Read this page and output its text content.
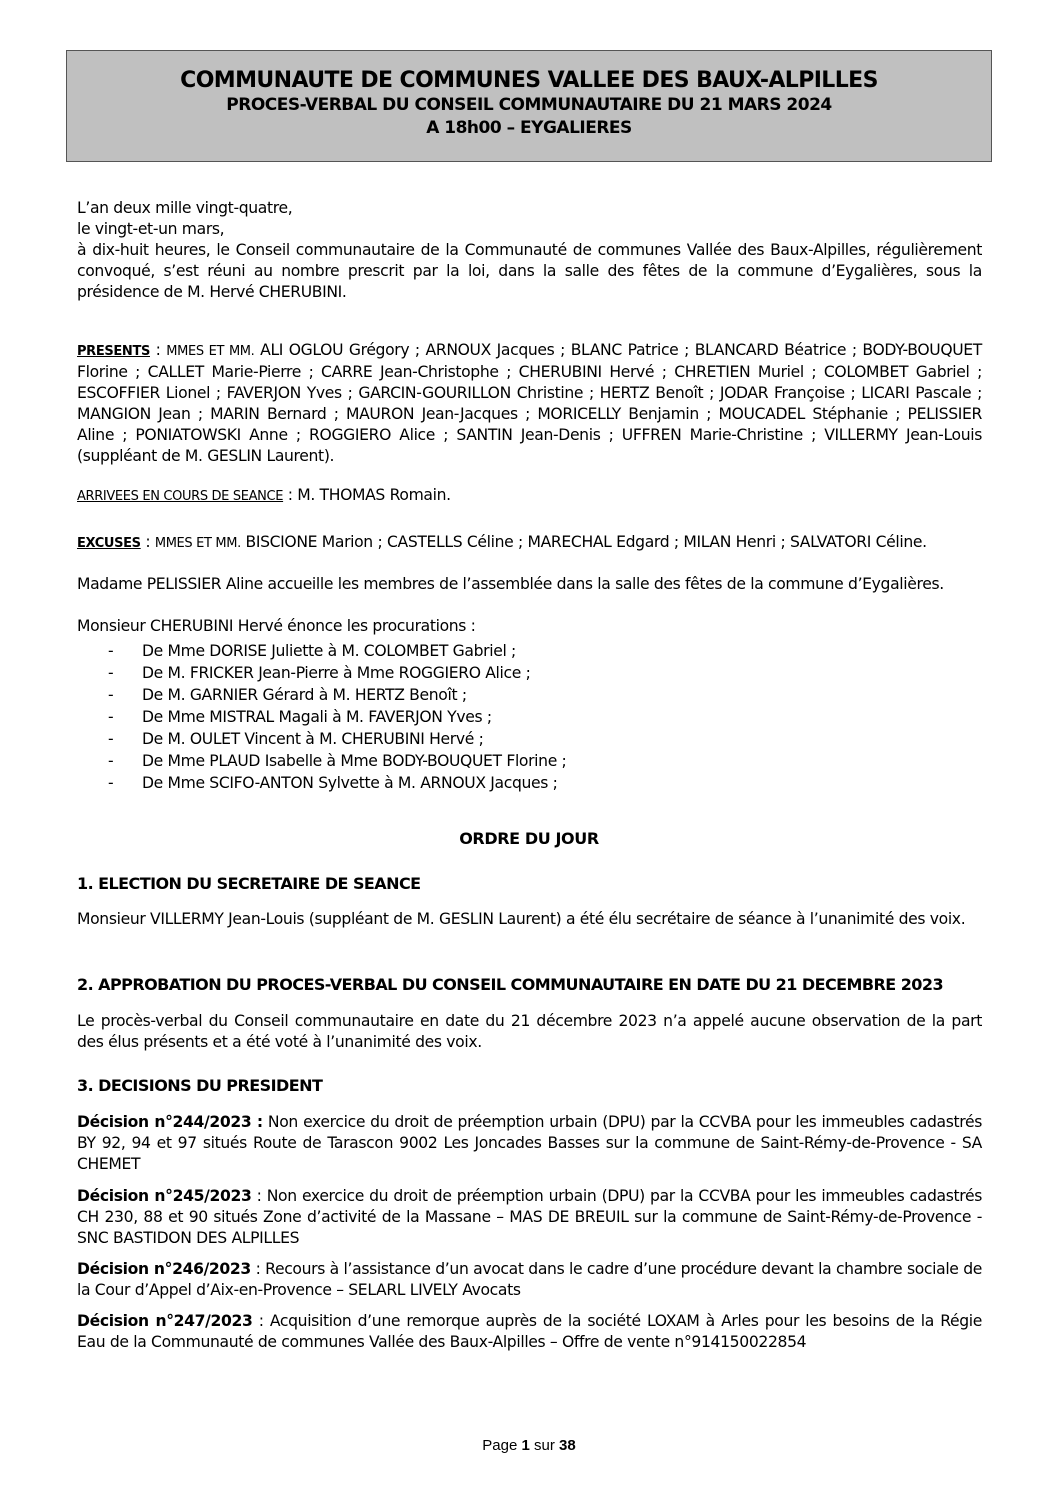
COMMUNAUTE DE COMMUNES VALLEE DES BAUX-ALPILLES
PROCES-VERBAL DU CONSEIL COMMUNAUTAIRE DU 21 MARS 2024
A 18h00 – EYGALIERES
L’an deux mille vingt-quatre,
le vingt-et-un mars,
à dix-huit heures, le Conseil communautaire de la Communauté de communes Vallée des Baux-Alpilles, régulièrement convoqué, s’est réuni au nombre prescrit par la loi, dans la salle des fêtes de la commune d’Eygalières, sous la présidence de M. Hervé CHERUBINI.
PRESENTS : MMES ET MM. ALI OGLOU Grégory ; ARNOUX Jacques ; BLANC Patrice ; BLANCARD Béatrice ; BODY-BOUQUET Florine ; CALLET Marie-Pierre ; CARRE Jean-Christophe ; CHERUBINI Hervé ; CHRETIEN Muriel ; COLOMBET Gabriel ; ESCOFFIER Lionel ; FAVERJON Yves ; GARCIN-GOURILLON Christine ; HERTZ Benoît ; JODAR Françoise ; LICARI Pascale ; MANGION Jean ; MARIN Bernard ; MAURON Jean-Jacques ; MORICELLY Benjamin ; MOUCADEL Stéphanie ; PELISSIER Aline ; PONIATOWSKI Anne ; ROGGIERO Alice ; SANTIN Jean-Denis ; UFFREN Marie-Christine ; VILLERMY Jean-Louis (suppléant de M. GESLIN Laurent).
ARRIVEES EN COURS DE SEANCE : M. THOMAS Romain.
EXCUSES : MMES ET MM. BISCIONE Marion ; CASTELLS Céline ; MARECHAL Edgard ; MILAN Henri ; SALVATORI Céline.
Madame PELISSIER Aline accueille les membres de l’assemblée dans la salle des fêtes de la commune d’Eygalières.
Monsieur CHERUBINI Hervé énonce les procurations :
- De Mme DORISE Juliette à M. COLOMBET Gabriel ;
- De M. FRICKER Jean-Pierre à Mme ROGGIERO Alice ;
- De M. GARNIER Gérard à M. HERTZ Benoît ;
- De Mme MISTRAL Magali à M. FAVERJON Yves ;
- De M. OULET Vincent à M. CHERUBINI Hervé ;
- De Mme PLAUD Isabelle à Mme BODY-BOUQUET Florine ;
- De Mme SCIFO-ANTON Sylvette à M. ARNOUX Jacques ;
ORDRE DU JOUR
1. ELECTION DU SECRETAIRE DE SEANCE
Monsieur VILLERMY Jean-Louis (suppléant de M. GESLIN Laurent) a été élu secrétaire de séance à l’unanimité des voix.
2. APPROBATION DU PROCES-VERBAL DU CONSEIL COMMUNAUTAIRE EN DATE DU 21 DECEMBRE 2023
Le procès-verbal du Conseil communautaire en date du 21 décembre 2023 n’a appelé aucune observation de la part des élus présents et a été voté à l’unanimité des voix.
3. DECISIONS DU PRESIDENT
Décision n°244/2023 : Non exercice du droit de préemption urbain (DPU) par la CCVBA pour les immeubles cadastrés BY 92, 94 et 97 situés Route de Tarascon 9002 Les Joncades Basses sur la commune de Saint-Rémy-de-Provence - SA CHEMET
Décision n°245/2023 : Non exercice du droit de préemption urbain (DPU) par la CCVBA pour les immeubles cadastrés CH 230, 88 et 90 situés Zone d’activité de la Massane – MAS DE BREUIL sur la commune de Saint-Rémy-de-Provence - SNC BASTIDON DES ALPILLES
Décision n°246/2023 : Recours à l’assistance d’un avocat dans le cadre d’une procédure devant la chambre sociale de la Cour d’Appel d’Aix-en-Provence – SELARL LIVELY Avocats
Décision n°247/2023 : Acquisition d’une remorque auprès de la société LOXAM à Arles pour les besoins de la Régie Eau de la Communauté de communes Vallée des Baux-Alpilles – Offre de vente n°914150022854
Page 1 sur 38
